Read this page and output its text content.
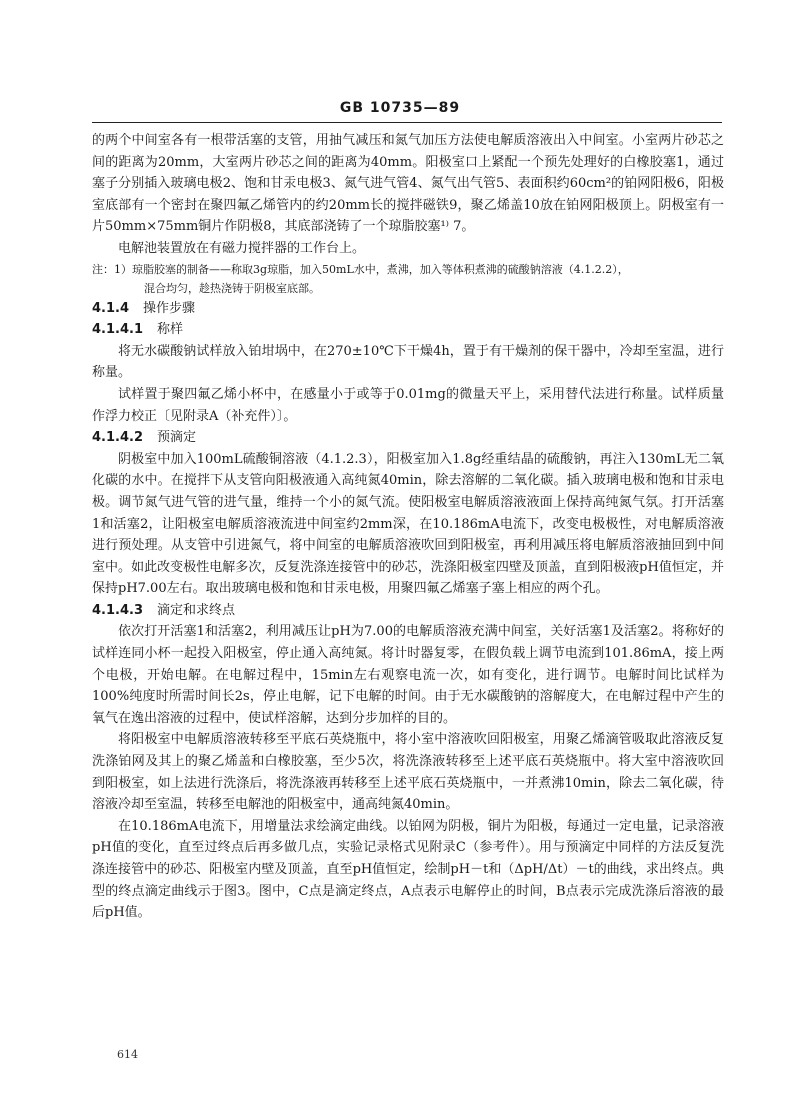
GB 10735—89

的两个中间室各有一根带活塞的支管，用抽气减压和氮气加压方法使电解质溶液出入中间室。小室两片砂芯之间的距离为20mm，大室两片砂芯之间的距离为40mm。阳极室口上紧配一个预先处理好的白橡胶塞1，通过塞子分别插入玻璃电极2、饱和甘汞电极3、氮气进气管4、氮气出气管5、表面积约60cm²的铂网阳极6，阳极室底部有一个密封在聚四氟乙烯管内的约20mm长的搅拌磁铁9，聚乙烯盖10放在铂网阳极顶上。阴极室有一片50mm×75mm铜片作阴极8，其底部浇铸了一个琼脂胶塞¹⁾ 7。

电解池装置放在有磁力搅拌器的工作台上。

注：1）琼脂胶塞的制备——称取3g琼脂，加入50mL水中，煮沸，加入等体积煮沸的硫酸钠溶液（4.1.2.2），

混合均匀，趁热浇铸于阴极室底部。

4.1.4 操作步骤

4.1.4.1 称样

将无水碳酸钠试样放入铂坩埚中，在270±10℃下干燥4h，置于有干燥剂的保干器中，冷却至室温，进行称量。

试样置于聚四氟乙烯小杯中，在感量小于或等于0.01mg的微量天平上，采用替代法进行称量。试样质量作浮力校正〔见附录A（补充件）〕。

4.1.4.2 预滴定

阴极室中加入100mL硫酸铜溶液（4.1.2.3），阳极室加入1.8g经重结晶的硫酸钠，再注入130mL无二氧化碳的水中。在搅拌下从支管向阳极液通入高纯氮40min，除去溶解的二氧化碳。插入玻璃电极和饱和甘汞电极。调节氮气进气管的进气量，维持一个小的氮气流。使阳极室电解质溶液液面上保持高纯氮气氛。打开活塞1和活塞2，让阳极室电解质溶液流进中间室约2mm深，在10.186mA电流下，改变电极极性，对电解质溶液进行预处理。从支管中引进氮气，将中间室的电解质溶液吹回到阳极室，再利用减压将电解质溶液抽回到中间室中。如此改变极性电解多次，反复洗涤连接管中的砂芯，洗涤阳极室四壁及顶盖，直到阳极液pH值恒定，并保持pH7.00左右。取出玻璃电极和饱和甘汞电极，用聚四氟乙烯塞子塞上相应的两个孔。

4.1.4.3 滴定和求终点

依次打开活塞1和活塞2，利用减压让pH为7.00的电解质溶液充满中间室，关好活塞1及活塞2。将称好的试样连同小杯一起投入阳极室，停止通入高纯氮。将计时器复零，在假负载上调节电流到101.86mA，接上两个电极，开始电解。在电解过程中，15min左右观察电流一次，如有变化，进行调节。电解时间比试样为100%纯度时所需时间长2s，停止电解，记下电解的时间。由于无水碳酸钠的溶解度大，在电解过程中产生的氧气在逸出溶液的过程中，使试样溶解，达到分步加样的目的。

将阳极室中电解质溶液转移至平底石英烧瓶中，将小室中溶液吹回阳极室，用聚乙烯滴管吸取此溶液反复洗涤铂网及其上的聚乙烯盖和白橡胶塞，至少5次，将洗涤液转移至上述平底石英烧瓶中。将大室中溶液吹回到阳极室，如上法进行洗涤后，将洗涤液再转移至上述平底石英烧瓶中，一并煮沸10min，除去二氧化碳，待溶液冷却至室温，转移至电解池的阳极室中，通高纯氮40min。

在10.186mA电流下，用增量法求绘滴定曲线。以铂网为阴极，铜片为阳极，每通过一定电量，记录溶液pH值的变化，直至过终点后再多做几点，实验记录格式见附录C（参考件）。用与预滴定中同样的方法反复洗涤连接管中的砂芯、阳极室内壁及顶盖，直至pH值恒定，绘制pH－t和（ΔpH/Δt）－t的曲线，求出终点。典型的终点滴定曲线示于图3。图中，C点是滴定终点，A点表示电解停止的时间，B点表示完成洗涤后溶液的最后pH值。

614
